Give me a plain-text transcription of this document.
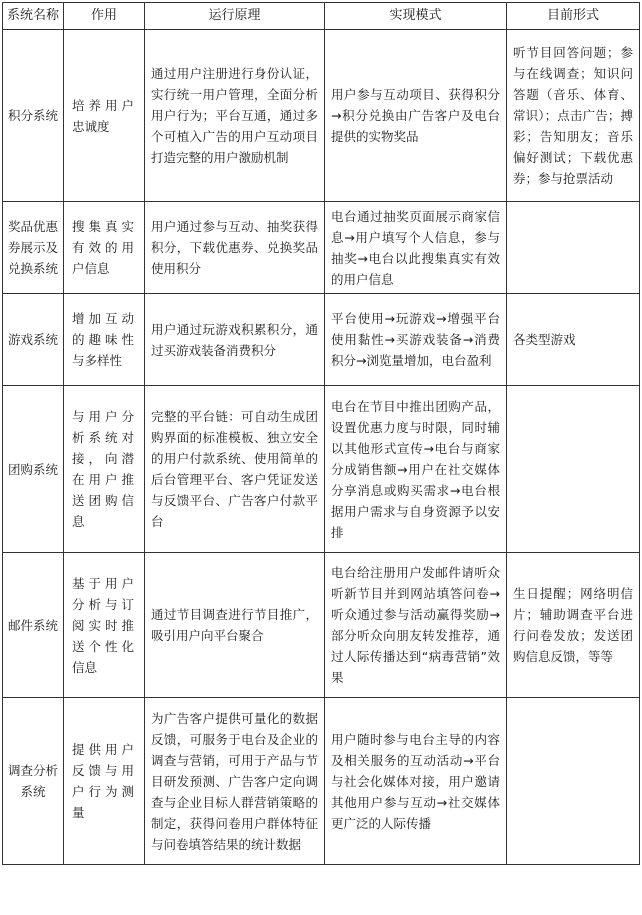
系统名称	作用	运行原理	实现模式	目前形式
积分系统	培养用户忠诚度	通过用户注册进行身份认证，实行统一用户管理，全面分析用户行为；平台互通，通过多个可植入广告的用户互动项目打造完整的用户激励机制	用户参与互动项目、获得积分→积分兑换由广告客户及电台提供的实物奖品	听节目回答问题；参与在线调查；知识问答题（音乐、体育、常识）；点击广告；搏彩；告知朋友；音乐偏好测试；下载优惠券；参与抢票活动
奖品优惠券展示及兑换系统	搜集真实有效的用户信息	用户通过参与互动、抽奖获得积分，下载优惠券、兑换奖品使用积分	电台通过抽奖页面展示商家信息→用户填写个人信息，参与抽奖→电台以此搜集真实有效的用户信息	
游戏系统	增加互动的趣味性与多样性	用户通过玩游戏积累积分，通过买游戏装备消费积分	平台使用→玩游戏→增强平台使用黏性→买游戏装备→消费积分→浏览量增加，电台盈利	各类型游戏
团购系统	与用户分析系统对接，向潜在用户推送团购信息	完整的平台链：可自动生成团购界面的标准模板、独立安全的用户付款系统、使用简单的后台管理平台、客户凭证发送与反馈平台、广告客户付款平台	电台在节目中推出团购产品，设置优惠力度与时限，同时辅以其他形式宣传→电台与商家分成销售额→用户在社交媒体分享消息或购买需求→电台根据用户需求与自身资源予以安排	
邮件系统	基于用户分析与订阅实时推送个性化信息	通过节目调查进行节目推广，吸引用户向平台聚合	电台给注册用户发邮件请听众听新节目并到网站填答问卷→听众通过参与活动赢得奖励→部分听众向朋友转发推荐，通过人际传播达到“病毒营销”效果	生日提醒；网络明信片；辅助调查平台进行问卷发放；发送团购信息反馈，等等
调查分析系统	提供用户反馈与用户行为测量	为广告客户提供可量化的数据反馈，可服务于电台及企业的调查与营销，可用于产品与节目研发预测、广告客户定向调查与企业目标人群营销策略的制定，获得问卷用户群体特征与问卷填答结果的统计数据	用户随时参与电台主导的内容及相关服务的互动活动→平台与社会化媒体对接，用户邀请其他用户参与互动→社交媒体更广泛的人际传播	
